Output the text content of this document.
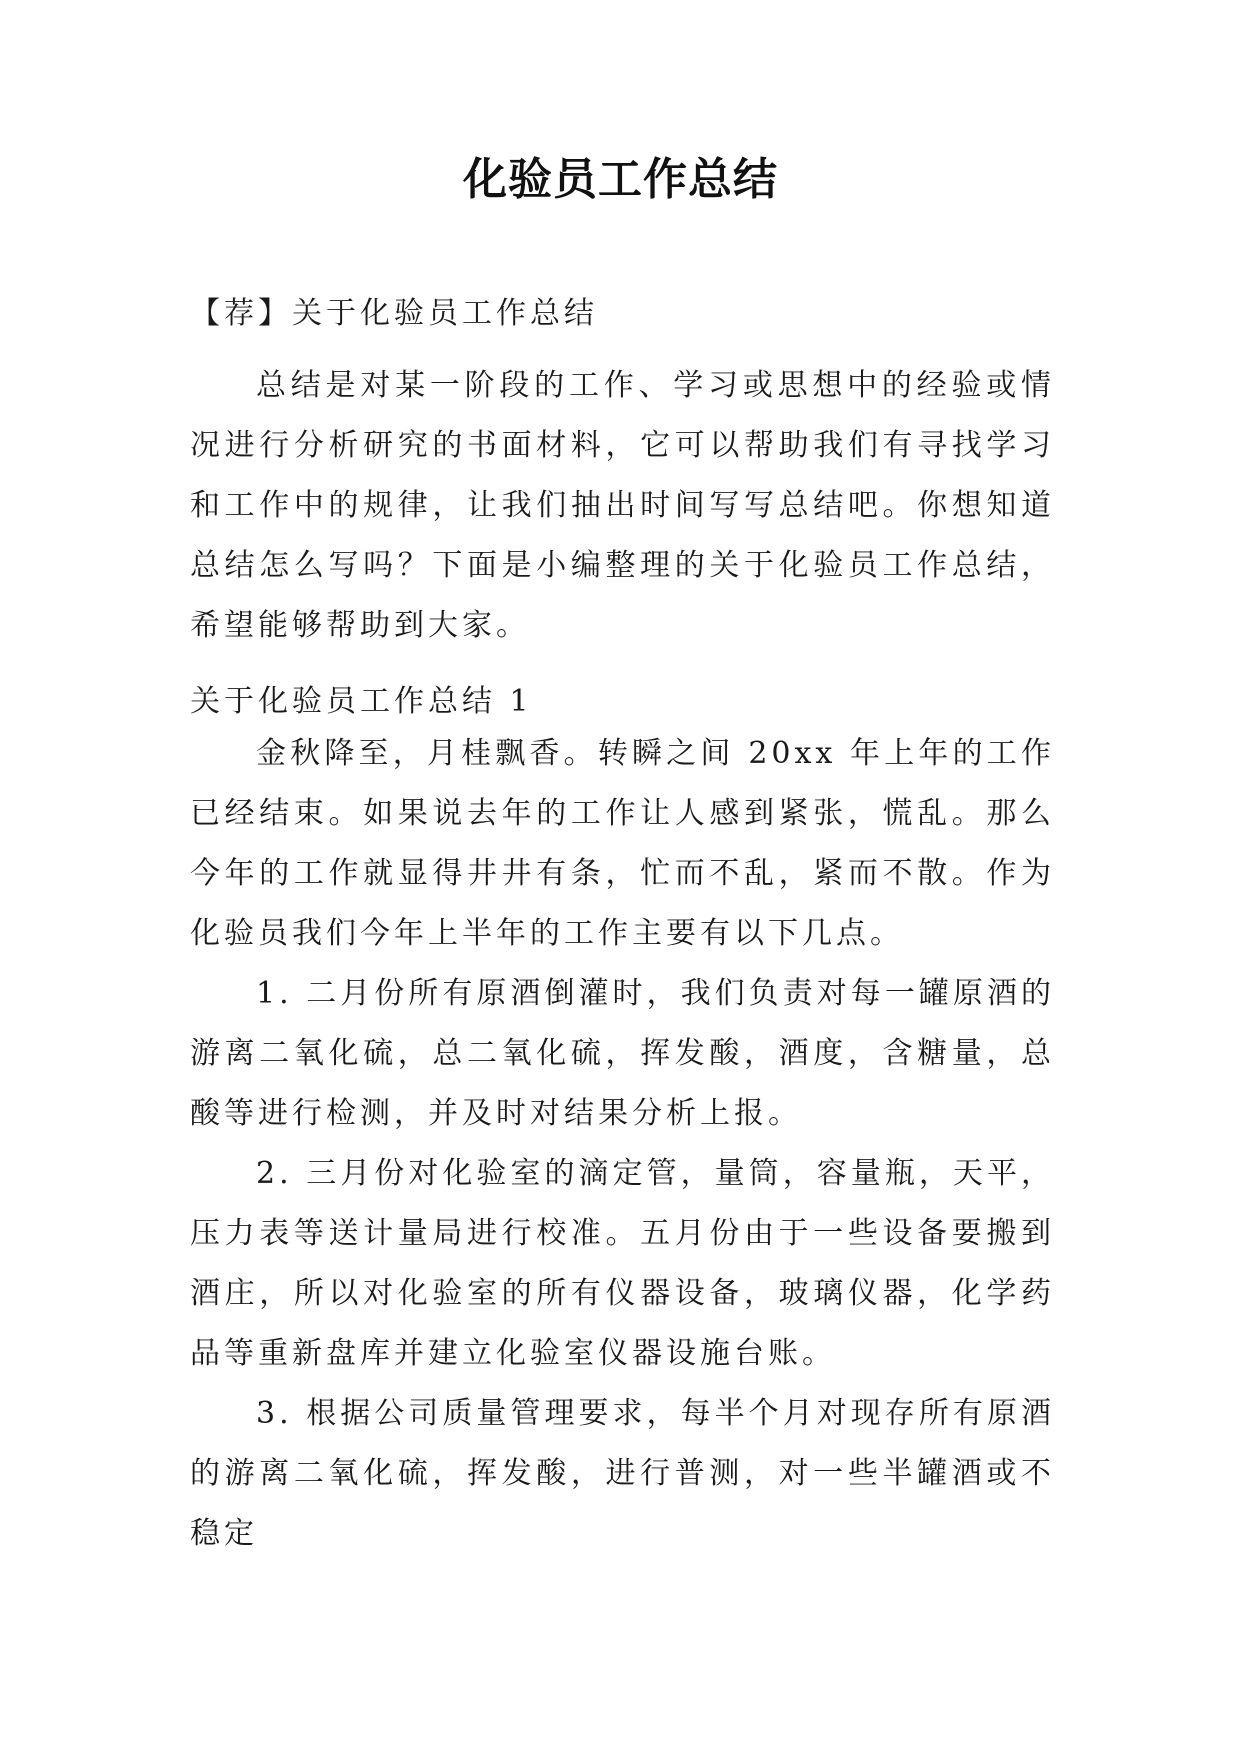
化验员工作总结
【荐】关于化验员工作总结

总结是对某一阶段的工作、学习或思想中的经验或情况进行分析研究的书面材料，它可以帮助我们有寻找学习和工作中的规律，让我们抽出时间写写总结吧。你想知道总结怎么写吗？下面是小编整理的关于化验员工作总结，希望能够帮助到大家。

关于化验员工作总结 1

金秋降至，月桂飘香。转瞬之间 20xx 年上年的工作已经结束。如果说去年的工作让人感到紧张，慌乱。那么今年的工作就显得井井有条，忙而不乱，紧而不散。作为化验员我们今年上半年的工作主要有以下几点。

1. 二月份所有原酒倒灌时，我们负责对每一罐原酒的游离二氧化硫，总二氧化硫，挥发酸，酒度，含糖量，总酸等进行检测，并及时对结果分析上报。

2. 三月份对化验室的滴定管，量筒，容量瓶，天平，压力表等送计量局进行校准。五月份由于一些设备要搬到酒庄，所以对化验室的所有仪器设备，玻璃仪器，化学药品等重新盘库并建立化验室仪器设施台账。

3. 根据公司质量管理要求，每半个月对现存所有原酒的游离二氧化硫，挥发酸，进行普测，对一些半罐酒或不稳定
